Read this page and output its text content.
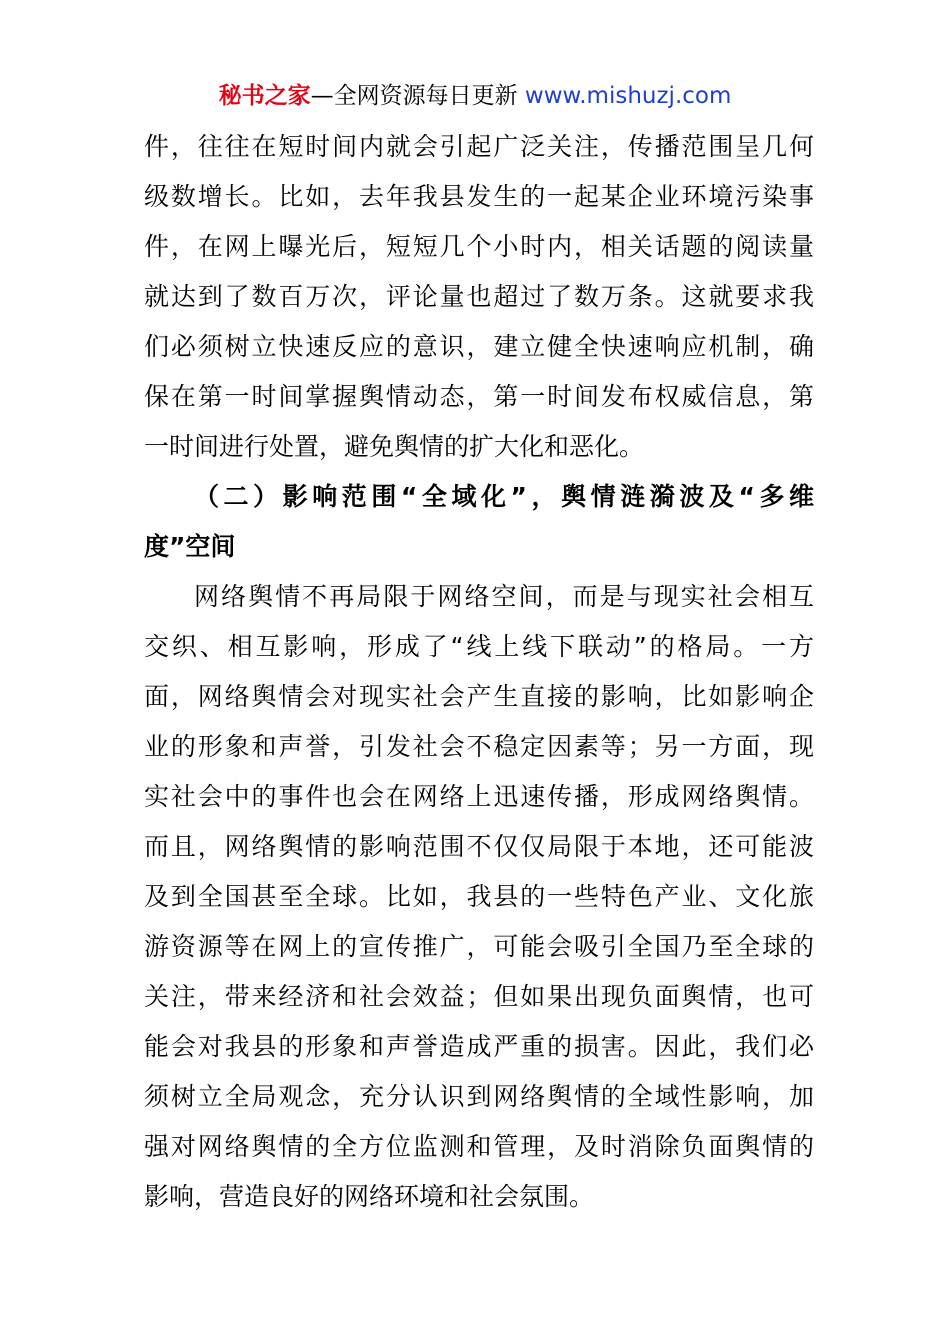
秘书之家—全网资源每日更新 www.mishuzj.com
件，往往在短时间内就会引起广泛关注，传播范围呈几何
级数增长。比如，去年我县发生的一起某企业环境污染事
件，在网上曝光后，短短几个小时内，相关话题的阅读量
就达到了数百万次，评论量也超过了数万条。这就要求我
们必须树立快速反应的意识，建立健全快速响应机制，确
保在第一时间掌握舆情动态，第一时间发布权威信息，第
一时间进行处置，避免舆情的扩大化和恶化。
（二）影响范围“全域化”，舆情涟漪波及“多维
度”空间
网络舆情不再局限于网络空间，而是与现实社会相互
交织、相互影响，形成了“线上线下联动”的格局。一方
面，网络舆情会对现实社会产生直接的影响，比如影响企
业的形象和声誉，引发社会不稳定因素等；另一方面，现
实社会中的事件也会在网络上迅速传播，形成网络舆情。
而且，网络舆情的影响范围不仅仅局限于本地，还可能波
及到全国甚至全球。比如，我县的一些特色产业、文化旅
游资源等在网上的宣传推广，可能会吸引全国乃至全球的
关注，带来经济和社会效益；但如果出现负面舆情，也可
能会对我县的形象和声誉造成严重的损害。因此，我们必
须树立全局观念，充分认识到网络舆情的全域性影响，加
强对网络舆情的全方位监测和管理，及时消除负面舆情的
影响，营造良好的网络环境和社会氛围。
